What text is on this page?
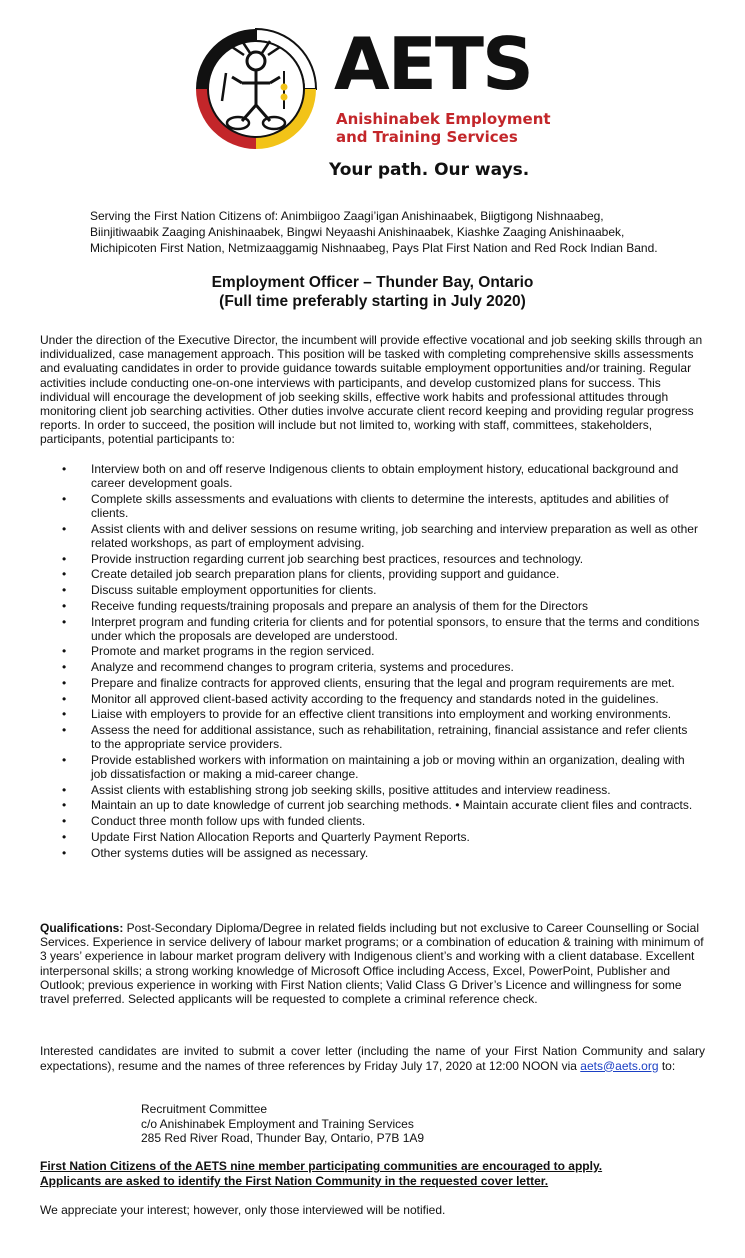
AETS
Anishinabek Employment
and Training Services
Your path. Our ways.
Serving the First Nation Citizens of: Animbiigoo Zaagi’igan Anishinaabek, Biigtigong Nishnaabeg,
Biinjitiwaabik Zaaging Anishinaabek, Bingwi Neyaashi Anishinaabek, Kiashke Zaaging Anishinaabek,
Michipicoten First Nation, Netmizaaggamig Nishnaabeg, Pays Plat First Nation and Red Rock Indian Band.
Employment Officer – Thunder Bay, Ontario
(Full time preferably starting in July 2020)
Under the direction of the Executive Director, the incumbent will provide effective vocational and job seeking skills through an individualized, case management approach. This position will be tasked with completing comprehensive skills assessments and evaluating candidates in order to provide guidance towards suitable employment opportunities and/or training. Regular activities include conducting one-on-one interviews with participants, and develop customized plans for success. This individual will encourage the development of job seeking skills, effective work habits and professional attitudes through monitoring client job searching activities. Other duties involve accurate client record keeping and providing regular progress reports. In order to succeed, the position will include but not limited to, working with staff, committees, stakeholders, participants, potential participants to:
• Interview both on and off reserve Indigenous clients to obtain employment history, educational background and career development goals.
• Complete skills assessments and evaluations with clients to determine the interests, aptitudes and abilities of clients.
• Assist clients with and deliver sessions on resume writing, job searching and interview preparation as well as other related workshops, as part of employment advising.
• Provide instruction regarding current job searching best practices, resources and technology.
• Create detailed job search preparation plans for clients, providing support and guidance.
• Discuss suitable employment opportunities for clients.
• Receive funding requests/training proposals and prepare an analysis of them for the Directors
• Interpret program and funding criteria for clients and for potential sponsors, to ensure that the terms and conditions under which the proposals are developed are understood.
• Promote and market programs in the region serviced.
• Analyze and recommend changes to program criteria, systems and procedures.
• Prepare and finalize contracts for approved clients, ensuring that the legal and program requirements are met.
• Monitor all approved client-based activity according to the frequency and standards noted in the guidelines.
• Liaise with employers to provide for an effective client transitions into employment and working environments.
• Assess the need for additional assistance, such as rehabilitation, retraining, financial assistance and refer clients to the appropriate service providers.
• Provide established workers with information on maintaining a job or moving within an organization, dealing with job dissatisfaction or making a mid-career change.
• Assist clients with establishing strong job seeking skills, positive attitudes and interview readiness.
• Maintain an up to date knowledge of current job searching methods. • Maintain accurate client files and contracts.
• Conduct three month follow ups with funded clients.
• Update First Nation Allocation Reports and Quarterly Payment Reports.
• Other systems duties will be assigned as necessary.
Qualifications: Post-Secondary Diploma/Degree in related fields including but not exclusive to Career Counselling or Social Services. Experience in service delivery of labour market programs; or a combination of education & training with minimum of 3 years’ experience in labour market program delivery with Indigenous client’s and working with a client database. Excellent interpersonal skills; a strong working knowledge of Microsoft Office including Access, Excel, PowerPoint, Publisher and Outlook; previous experience in working with First Nation clients; Valid Class G Driver’s Licence and willingness for some travel preferred. Selected applicants will be requested to complete a criminal reference check.
Interested candidates are invited to submit a cover letter (including the name of your First Nation Community and salary expectations), resume and the names of three references by Friday July 17, 2020 at 12:00 NOON via aets@aets.org to:
Recruitment Committee
c/o Anishinabek Employment and Training Services
285 Red River Road, Thunder Bay, Ontario, P7B 1A9
First Nation Citizens of the AETS nine member participating communities are encouraged to apply.
Applicants are asked to identify the First Nation Community in the requested cover letter.
We appreciate your interest; however, only those interviewed will be notified.
